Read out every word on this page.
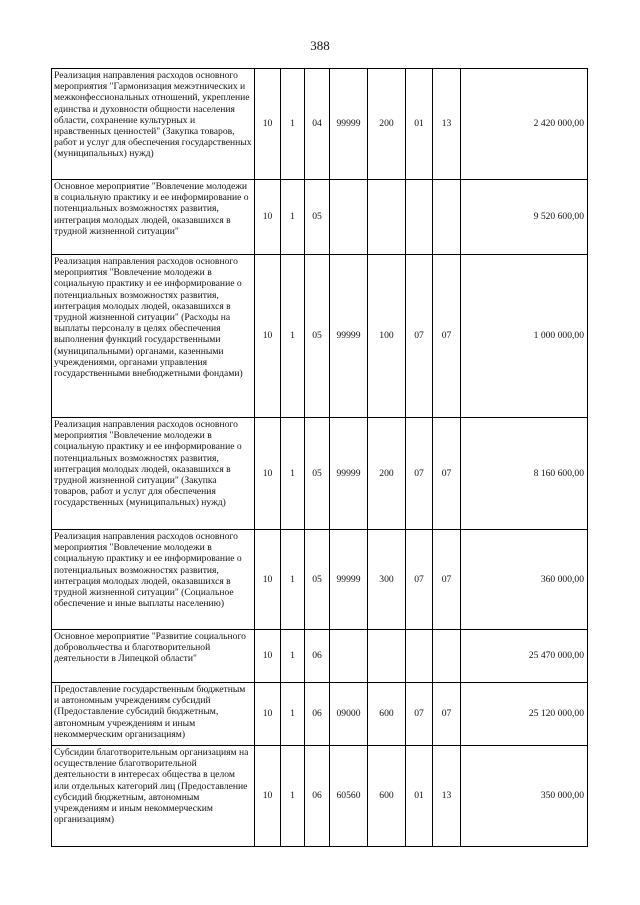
388
Реализация направления расходов основного мероприятия "Гармонизация межэтнических и межконфессиональных отношений, укрепление единства и духовности общности населения области, сохранение культурных и нравственных ценностей" (Закупка товаров, работ и услуг для обеспечения государственных (муниципальных) нужд)	10	1	04	99999	200	01	13	2 420 000,00
Основное мероприятие "Вовлечение молодежи в социальную практику и ее информирование о потенциальных возможностях развития, интеграция молодых людей, оказавшихся в трудной жизненной ситуации"	10	1	05					9 520 600,00
Реализация направления расходов основного мероприятия "Вовлечение молодежи в социальную практику и ее информирование о потенциальных возможностях развития, интеграция молодых людей, оказавшихся в трудной жизненной ситуации" (Расходы на выплаты персоналу в целях обеспечения выполнения функций государственными (муниципальными) органами, казенными учреждениями, органами управления государственными внебюджетными фондами)	10	1	05	99999	100	07	07	1 000 000,00
Реализация направления расходов основного мероприятия "Вовлечение молодежи в социальную практику и ее информирование о потенциальных возможностях развития, интеграция молодых людей, оказавшихся в трудной жизненной ситуации" (Закупка товаров, работ и услуг для обеспечения государственных (муниципальных) нужд)	10	1	05	99999	200	07	07	8 160 600,00
Реализация направления расходов основного мероприятия "Вовлечение молодежи в социальную практику и ее информирование о потенциальных возможностях развития, интеграция молодых людей, оказавшихся в трудной жизненной ситуации" (Социальное обеспечение и иные выплаты населению)	10	1	05	99999	300	07	07	360 000,00
Основное мероприятие "Развитие социального добровольчества и благотворительной деятельности в Липецкой области"	10	1	06					25 470 000,00
Предоставление государственным бюджетным и автономным учреждениям субсидий (Предоставление субсидий бюджетным, автономным учреждениям и иным некоммерческим организациям)	10	1	06	09000	600	07	07	25 120 000,00
Субсидии благотворительным организациям на осуществление благотворительной деятельности в интересах общества в целом или отдельных категорий лиц (Предоставление субсидий бюджетным, автономным учреждениям и иным некоммерческим организациям)	10	1	06	60560	600	01	13	350 000,00
